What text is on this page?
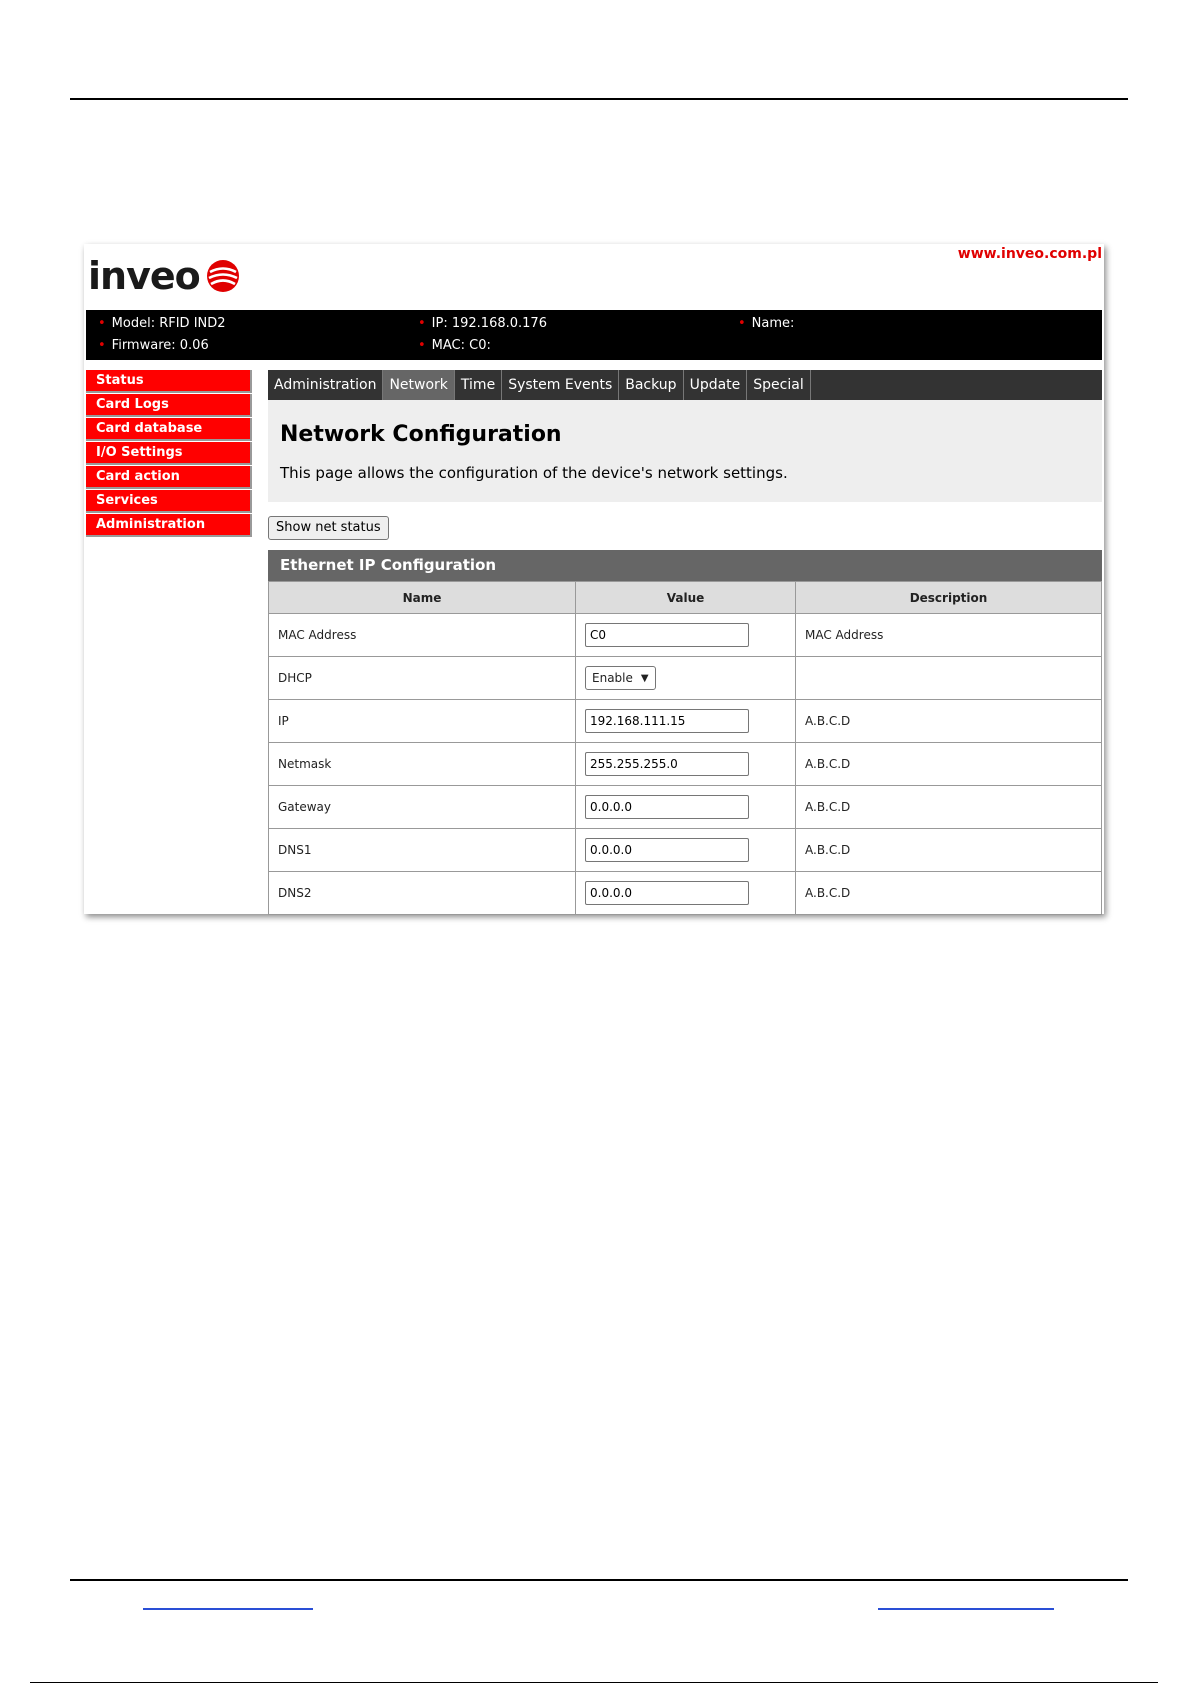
inveo	www.inveo.com.pl
• Model: RFID IND2
• Firmware: 0.06
• IP: 192.168.0.176
• MAC: C0:
• Name:
Status
Card Logs
Card database
I/O Settings
Card action
Services
Administration
Administration Network Time System Events Backup Update Special
Network Configuration
This page allows the configuration of the device's network settings.
Show net status
Ethernet IP Configuration
Name	Value	Description
MAC Address	C0	MAC Address
DHCP	Enable ▼	

IP	192.168.111.15	A.B.C.D
Netmask	255.255.255.0	A.B.C.D
Gateway	0.0.0.0	A.B.C.D
DNS1	0.0.0.0	A.B.C.D
DNS2	0.0.0.0	A.B.C.D
